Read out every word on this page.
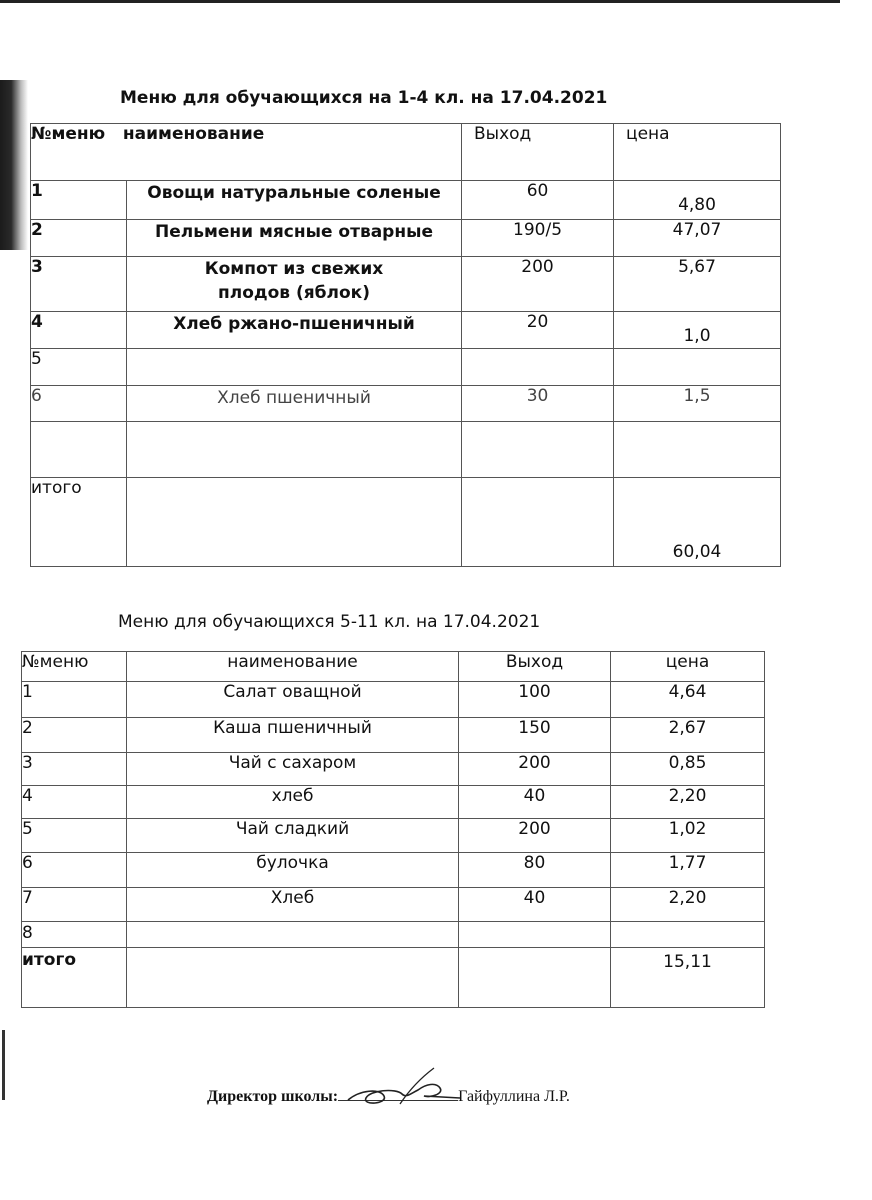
Меню для обучающихся на 1-4 кл. на 17.04.2021
№меню наименование		Выход	цена
1	Овощи натуральные соленые	60	4,80
2	Пельмени мясные отварные	190/5	47,07
3	Компот из свежих плодов (яблок)	200	5,67
4	Хлеб ржано-пшеничный	20	1,0
5			
6	Хлеб пшеничный	30	1,5

итого			60,04
Меню для обучающихся 5-11 кл. на 17.04.2021
№меню	наименование	Выход	цена
1	Салат оващной	100	4,64
2	Каша пшеничный	150	2,67
3	Чай с сахаром	200	0,85
4	хлеб	40	2,20
5	Чай сладкий	200	1,02
6	булочка	80	1,77
7	Хлеб	40	2,20
8			
итого			15,11
Директор школы:	Гайфуллина Л.Р.
